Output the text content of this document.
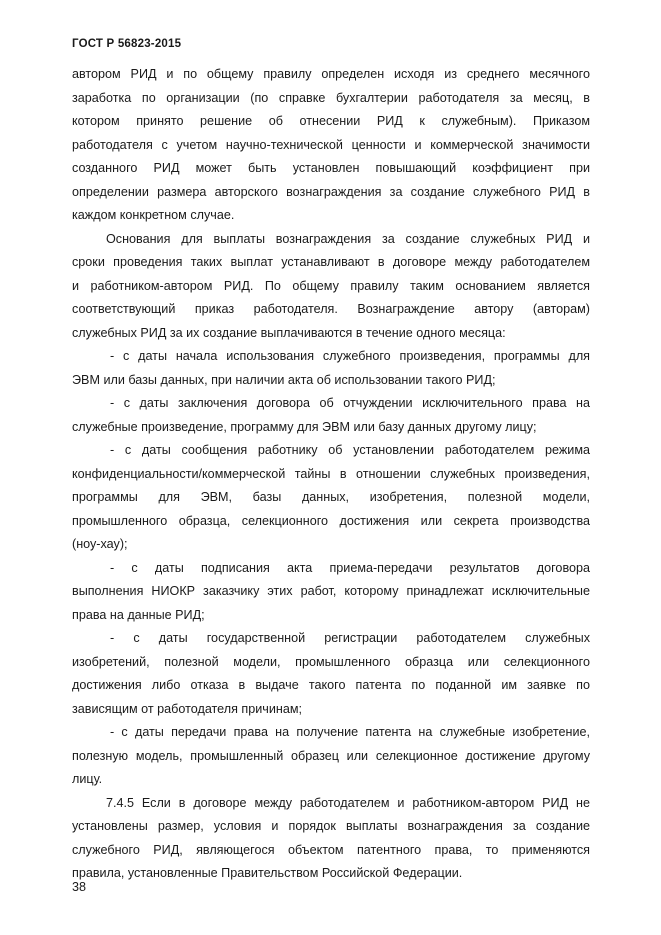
ГОСТ Р 56823-2015
автором РИД и по общему правилу определен исходя из среднего месячного
заработка по организации (по справке бухгалтерии работодателя за месяц, в
котором принято решение об отнесении РИД к служебным). Приказом
работодателя с учетом научно-технической ценности и коммерческой значимости
созданного РИД может быть установлен повышающий коэффициент при
определении размера авторского вознаграждения за создание служебного РИД в
каждом конкретном случае.
Основания для выплаты вознаграждения за создание служебных РИД и
сроки проведения таких выплат устанавливают в договоре между работодателем
и работником-автором РИД. По общему правилу таким основанием является
соответствующий приказ работодателя. Вознаграждение автору (авторам)
служебных РИД за их создание выплачиваются в течение одного месяца:
- с даты начала использования служебного произведения, программы для
ЭВМ или базы данных, при наличии акта об использовании такого РИД;
- с даты заключения договора об отчуждении исключительного права на
служебные произведение, программу для ЭВМ или базу данных другому лицу;
- с даты сообщения работнику об установлении работодателем режима
конфиденциальности/коммерческой тайны в отношении служебных произведения,
программы для ЭВМ, базы данных, изобретения, полезной модели,
промышленного образца, селекционного достижения или секрета производства
(ноу-хау);
- с даты подписания акта приема-передачи результатов договора
выполнения НИОКР заказчику этих работ, которому принадлежат исключительные
права на данные РИД;
- с даты государственной регистрации работодателем служебных
изобретений, полезной модели, промышленного образца или селекционного
достижения либо отказа в выдаче такого патента по поданной им заявке по
зависящим от работодателя причинам;
- с даты передачи права на получение патента на служебные изобретение,
полезную модель, промышленный образец или селекционное достижение другому
лицу.
7.4.5 Если в договоре между работодателем и работником-автором РИД не
установлены размер, условия и порядок выплаты вознаграждения за создание
служебного РИД, являющегося объектом патентного права, то применяются
правила, установленные Правительством Российской Федерации.
38
